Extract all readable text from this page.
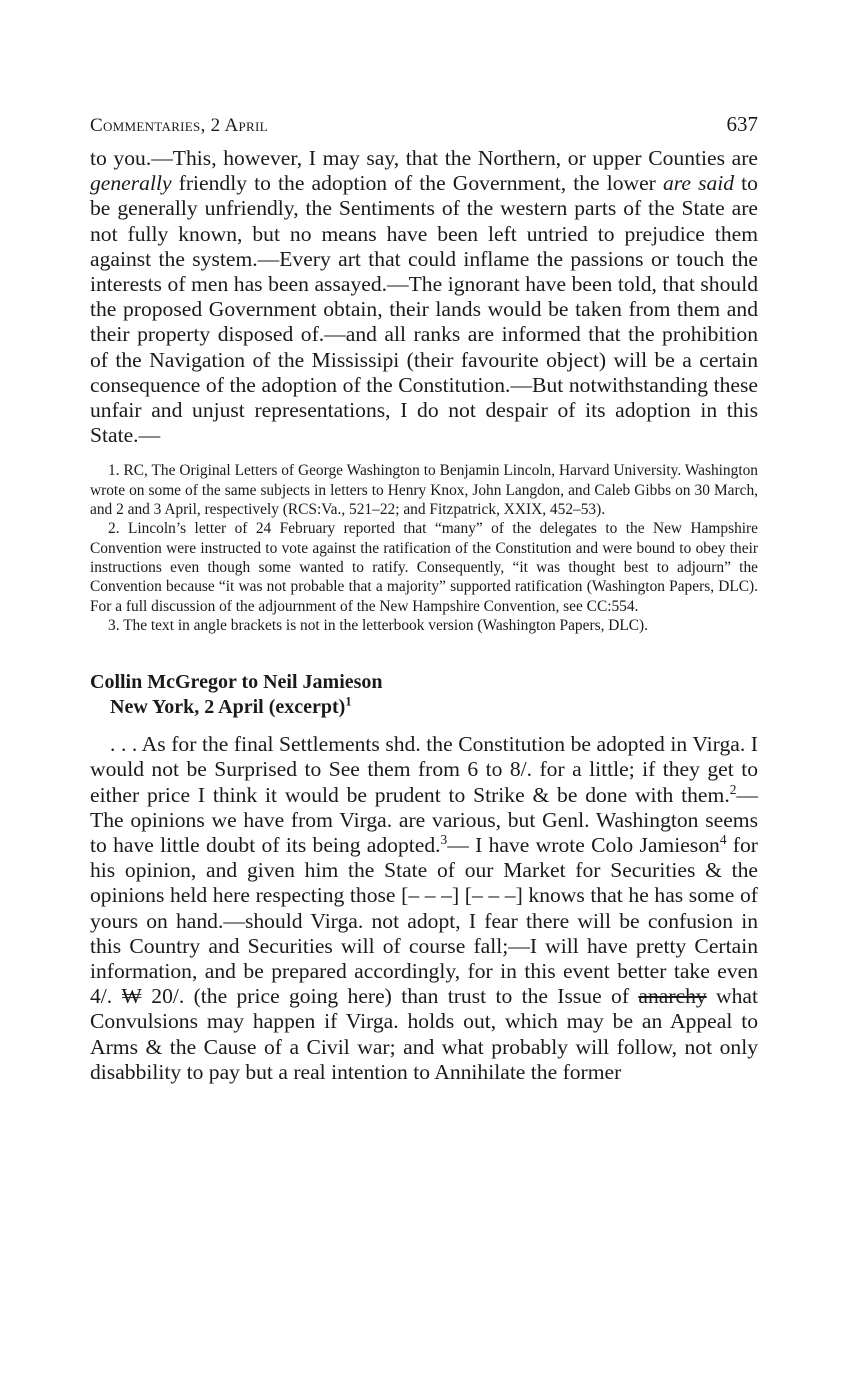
Commentaries, 2 April	637
to you.—This, however, I may say, that the Northern, or upper Counties are generally friendly to the adoption of the Government, the lower are said to be generally unfriendly, the Sentiments of the western parts of the State are not fully known, but no means have been left untried to prejudice them against the system.—Every art that could inflame the passions or touch the interests of men has been assayed.—The ignorant have been told, that should the proposed Government obtain, their lands would be taken from them and their property disposed of.—and all ranks are informed that the prohibition of the Navigation of the Mississipi (their favourite object) will be a certain consequence of the adoption of the Constitution.—But notwithstanding these unfair and unjust representations, I do not despair of its adoption in this State.—

1. RC, The Original Letters of George Washington to Benjamin Lincoln, Harvard University. Washington wrote on some of the same subjects in letters to Henry Knox, John Langdon, and Caleb Gibbs on 30 March, and 2 and 3 April, respectively (RCS:Va., 521–22; and Fitzpatrick, XXIX, 452–53).

2. Lincoln’s letter of 24 February reported that “many” of the delegates to the New Hampshire Convention were instructed to vote against the ratification of the Constitution and were bound to obey their instructions even though some wanted to ratify. Consequently, “it was thought best to adjourn” the Convention because “it was not probable that a majority” supported ratification (Washington Papers, DLC). For a full discussion of the adjournment of the New Hampshire Convention, see CC:554.

3. The text in angle brackets is not in the letterbook version (Washington Papers, DLC).

Collin McGregor to Neil Jamieson

New York, 2 April (excerpt)$^1$

. . . As for the final Settlements shd. the Constitution be adopted in Virga. I would not be Surprised to See them from 6 to 8/. for a little; if they get to either price I think it would be prudent to Strike & be done with them.$^2$—The opinions we have from Virga. are various, but Genl. Washington seems to have little doubt of its being adopted.$^3$— I have wrote Colo Jamieson$^4$ for his opinion, and given him the State of our Market for Securities & the opinions held here respecting those [– – –] [– – –] knows that he has some of yours on hand.—should Virga. not adopt, I fear there will be confusion in this Country and Securities will of course fall;—I will have pretty Certain information, and be prepared accordingly, for in this event better take even 4/. ₩ 20/. (the price going here) than trust to the Issue of anarchy what Convulsions may happen if Virga. holds out, which may be an Appeal to Arms & the Cause of a Civil war; and what probably will follow, not only disabbility to pay but a real intention to Annihilate the former
